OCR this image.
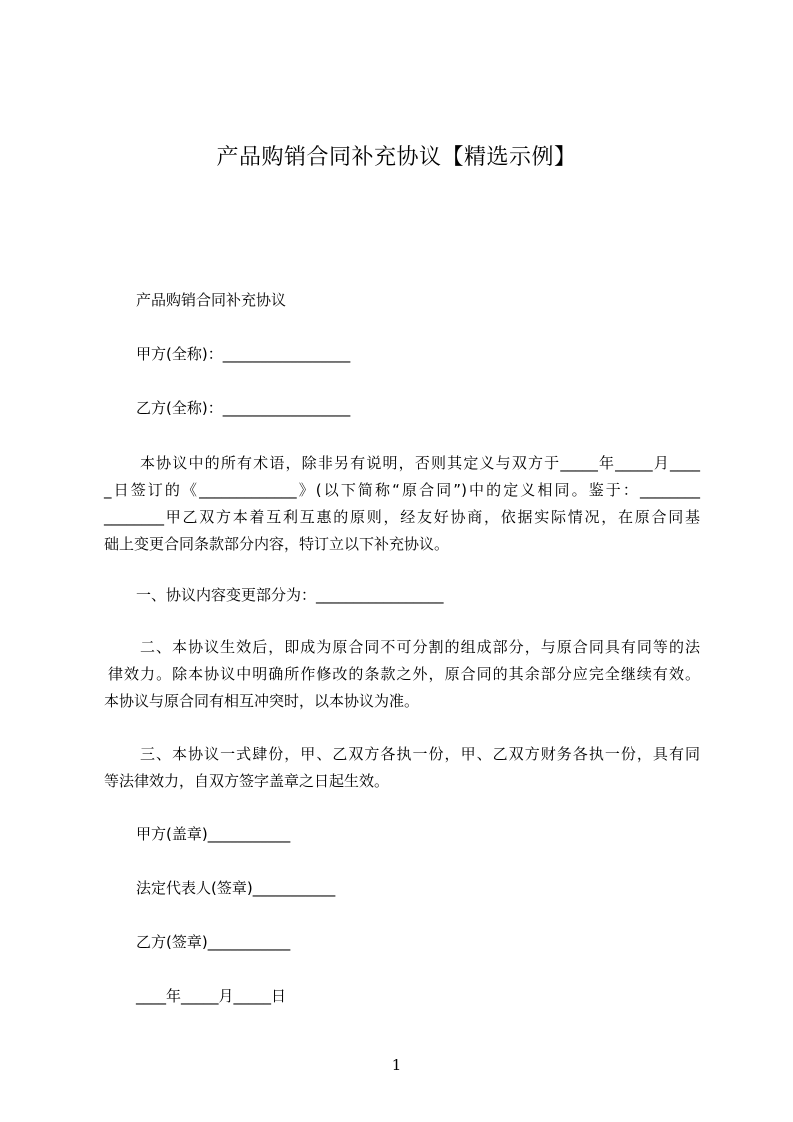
产品购销合同补充协议【精选示例】
产品购销合同补充协议
甲方(全称)：_________________
乙方(全称)：_________________
本协议中的所有术语，除非另有说明，否则其定义与双方于_____年_____月____
_日签订的《_____________》(以下简称“原合同”)中的定义相同。鉴于：________
________甲乙双方本着互利互惠的原则，经友好协商，依据实际情况，在原合同基
础上变更合同条款部分内容，特订立以下补充协议。
一、协议内容变更部分为：_________________
二、本协议生效后，即成为原合同不可分割的组成部分，与原合同具有同等的法
律效力。除本协议中明确所作修改的条款之外，原合同的其余部分应完全继续有效。
本协议与原合同有相互冲突时，以本协议为准。
三、本协议一式肆份，甲、乙双方各执一份，甲、乙双方财务各执一份，具有同
等法律效力，自双方签字盖章之日起生效。
甲方(盖章)___________
法定代表人(签章)___________
乙方(签章)___________
____年_____月_____日
1
